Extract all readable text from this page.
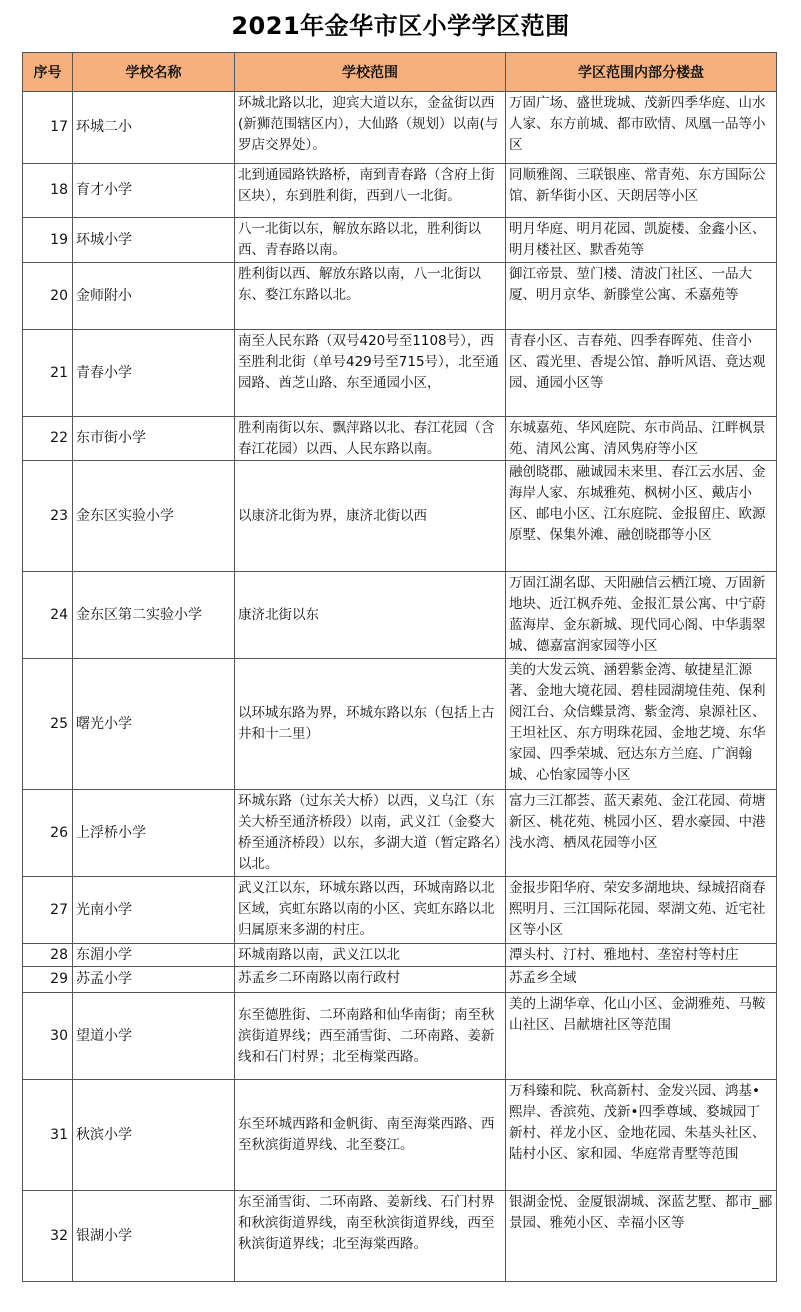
2021年金华市区小学学区范围
序号	学校名称	学校范围	学区范围内部分楼盘
17	环城二小	环城北路以北，迎宾大道以东，金盆街以西(新狮范围辖区内），大仙路（规划）以南(与罗店交界处）。	万固广场、盛世珑城、茂新四季华庭、山水人家、东方前城、都市欧情、凤凰一品等小区
18	育才小学	北到通园路铁路桥，南到青春路（含府上街区块），东到胜利街，西到八一北街。	同顺雅阁、三联银座、常青苑、东方国际公馆、新华街小区、天朗居等小区
19	环城小学	八一北街以东，解放东路以北，胜利街以西、青春路以南。	明月华庭、明月花园、凯旋楼、金鑫小区、明月楼社区、默香苑等
20	金师附小	胜利街以西、解放东路以南，八一北街以东、婺江东路以北。	御江帝景、堃门楼、清波门社区、一品大厦、明月京华、新滕堂公寓、禾嘉苑等
21	青春小学	南至人民东路（双号420号至1108号），西至胜利北街（单号429号至715号），北至通园路、酋芝山路、东至通园小区，	青春小区、吉春苑、四季春晖苑、佳音小区、霞光里、香堤公馆、静听风语、竟达观园、通园小区等
22	东市街小学	胜利南街以东、飘萍路以北、春江花园（含春江花园）以西、人民东路以南。	东城嘉苑、华风庭院、东市尚品、江畔枫景苑、清风公寓、清风隽府等小区
23	金东区实验小学	以康济北街为界，康济北街以西	融创晓郡、融诚园未来里、春江云水居、金海岸人家、东城雅苑、枫树小区、戴店小区、邮电小区、江东庭院、金报留庄、欧源原墅、保集外滩、融创晓郡等小区
24	金东区第二实验小学	康济北街以东	万固江湖名邸、天阳融信云栖江境、万固新地块、近江枫乔苑、金报汇景公寓、中宁蔚蓝海岸、金东新城、现代同心阁、中华翡翠城、德嘉富润家园等小区
25	曙光小学	以环城东路为界，环城东路以东（包括上古井和十二里）	美的大发云筑、涵碧紫金湾、敏捷星汇源著、金地大境花园、碧桂园湖境佳苑、保利阅江台、众信蝶景湾、紫金湾、泉源社区、王坦社区、东方明珠花园、金地艺境、东华家园、四季荣城、冠达东方兰庭、广润翰城、心怡家园等小区
26	上浮桥小学	环城东路（过东关大桥）以西，义乌江（东关大桥至通济桥段）以南，武义江（金婺大桥至通济桥段）以东，多湖大道（暂定路名）以北。	富力三江都荟、蓝天素苑、金江花园、荷塘新区、桃花苑、桃园小区、碧水豪园、中港浅水湾、栖凤花园等小区
27	光南小学	武义江以东，环城东路以西，环城南路以北区域，宾虹东路以南的小区、宾虹东路以北归属原来多湖的村庄。	金报步阳华府、荣安多湖地块、绿城招商春熙明月、三江国际花园、翠湖文苑、近宅社区等小区
28	东湄小学	环城南路以南，武义江以北	潭头村、汀村、雅地村、垄窑村等村庄
29	苏孟小学	苏孟乡二环南路以南行政村	苏孟乡全域
30	望道小学	东至德胜街、二环南路和仙华南街；南至秋滨街道界线；西至涌雪街、二环南路、姜新线和石门村界；北至梅棠西路。	美的上湖华章、化山小区、金湖雅苑、马鞍山社区、吕献塘社区等范围
31	秋滨小学	东至环城西路和金帆街、南至海棠西路、西至秋滨街道界线、北至婺江。	万科臻和院、秋高新村、金发兴园、鸿基•熙岸、香滨苑、茂新•四季尊域、婺城园丁新村、祥龙小区、金地花园、朱基头社区、陆村小区、家和园、华庭常青墅等范围
32	银湖小学	东至涌雪街、二环南路、姜新线、石门村界和秋滨街道界线，南至秋滨街道界线，西至秋滨街道界线；北至海棠西路。	银湖金悦、金厦银湖城、深蓝艺墅、都市_郦景园、雅苑小区、幸福小区等
